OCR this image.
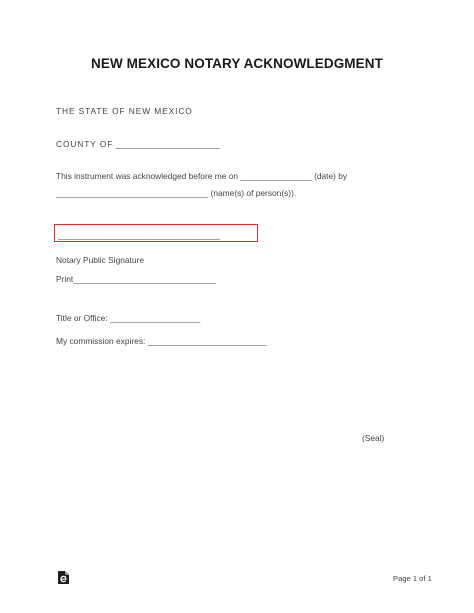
NEW MEXICO NOTARY ACKNOWLEDGMENT
THE STATE OF NEW MEXICO
COUNTY OF ______________________
This instrument was acknowledged before me on _______________ (date) by
________________________________ (name(s) of person(s)).
__________________________________
Notary Public Signature
Print______________________________
Title or Office: ___________________
My commission expires: _________________________
(Seal)
Page 1 of 1
